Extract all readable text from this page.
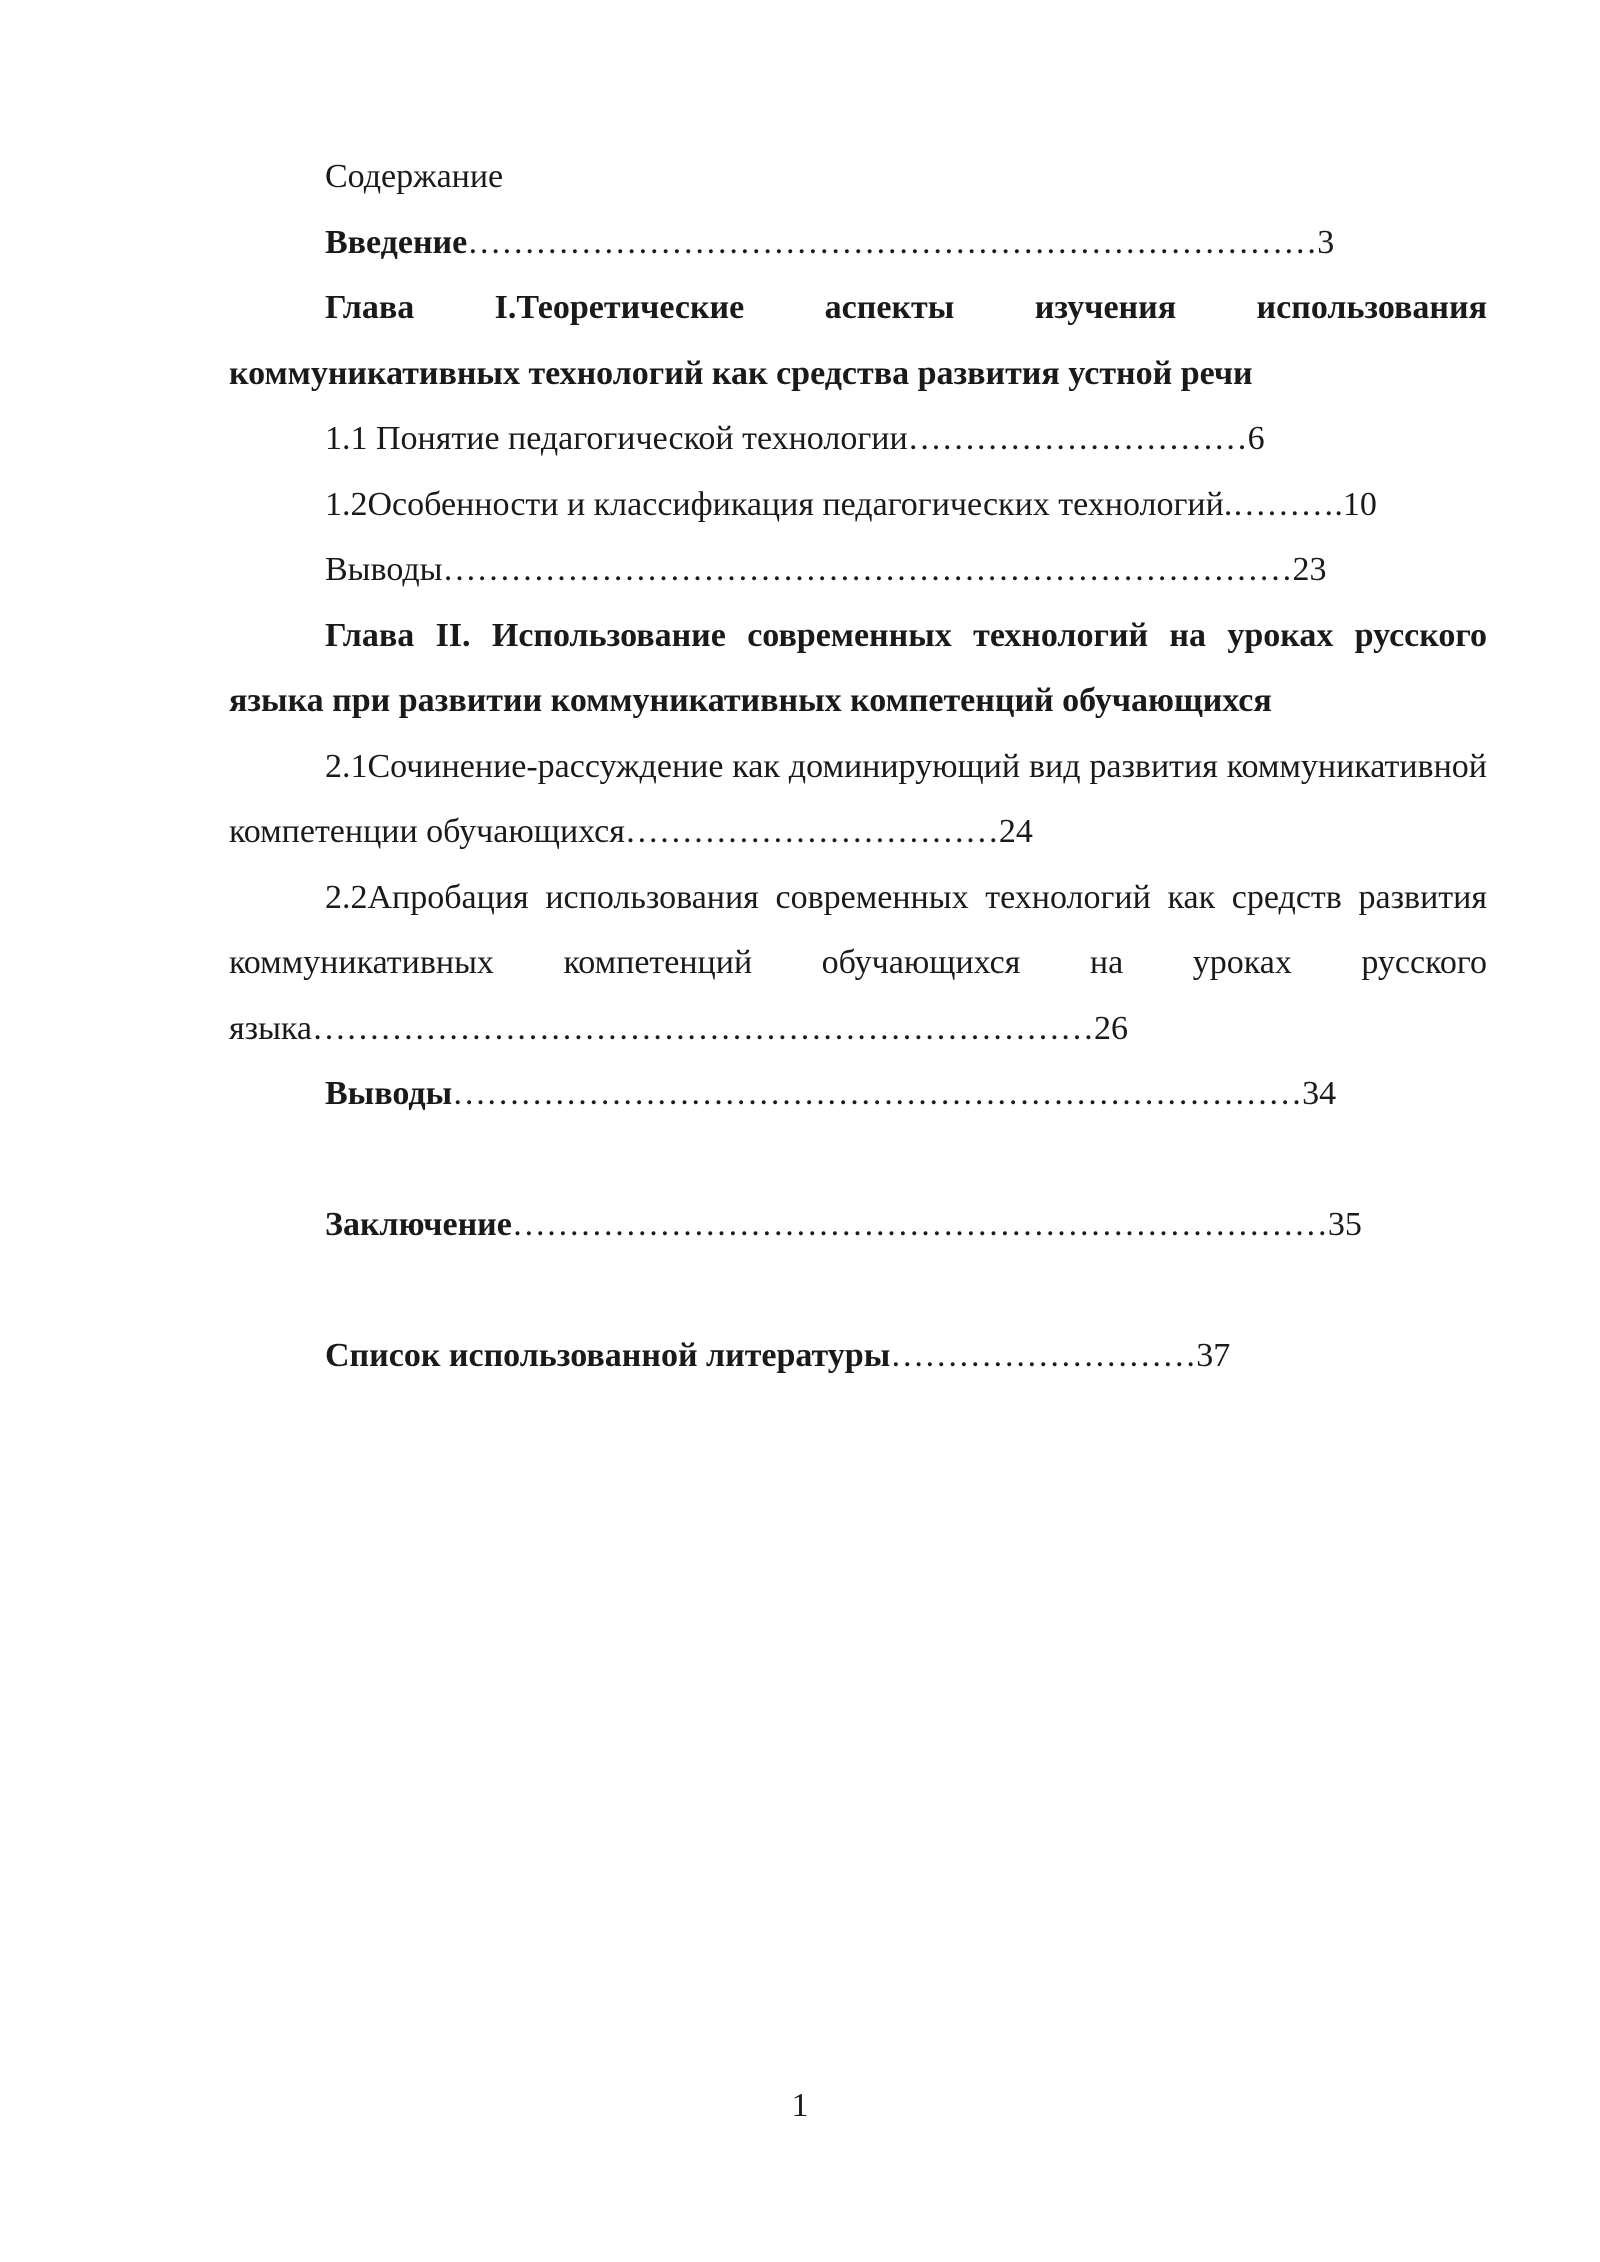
Содержание

Введение…………………………………………………………………3

Глава I.Теоретические аспекты изучения использования коммуникативных технологий как средства развития устной речи

1.1 Понятие педагогической технологии…………………………6

1.2Особенности и классификация педагогических технологий.……….10

Выводы…………………………………………………………………23

Глава II. Использование современных технологий на уроках русского языка при развитии коммуникативных компетенций обучающихся

2.1Сочинение-рассуждение как доминирующий вид развития коммуникативной компетенции обучающихся……………………………24

2.2Апробация использования современных технологий как средств развития коммуникативных компетенций обучающихся на уроках русского языка……………………………………………………………26

Выводы…………………………………………………………………34

Заключение………………………………………………………………35

Список использованной литературы………………………37

1
